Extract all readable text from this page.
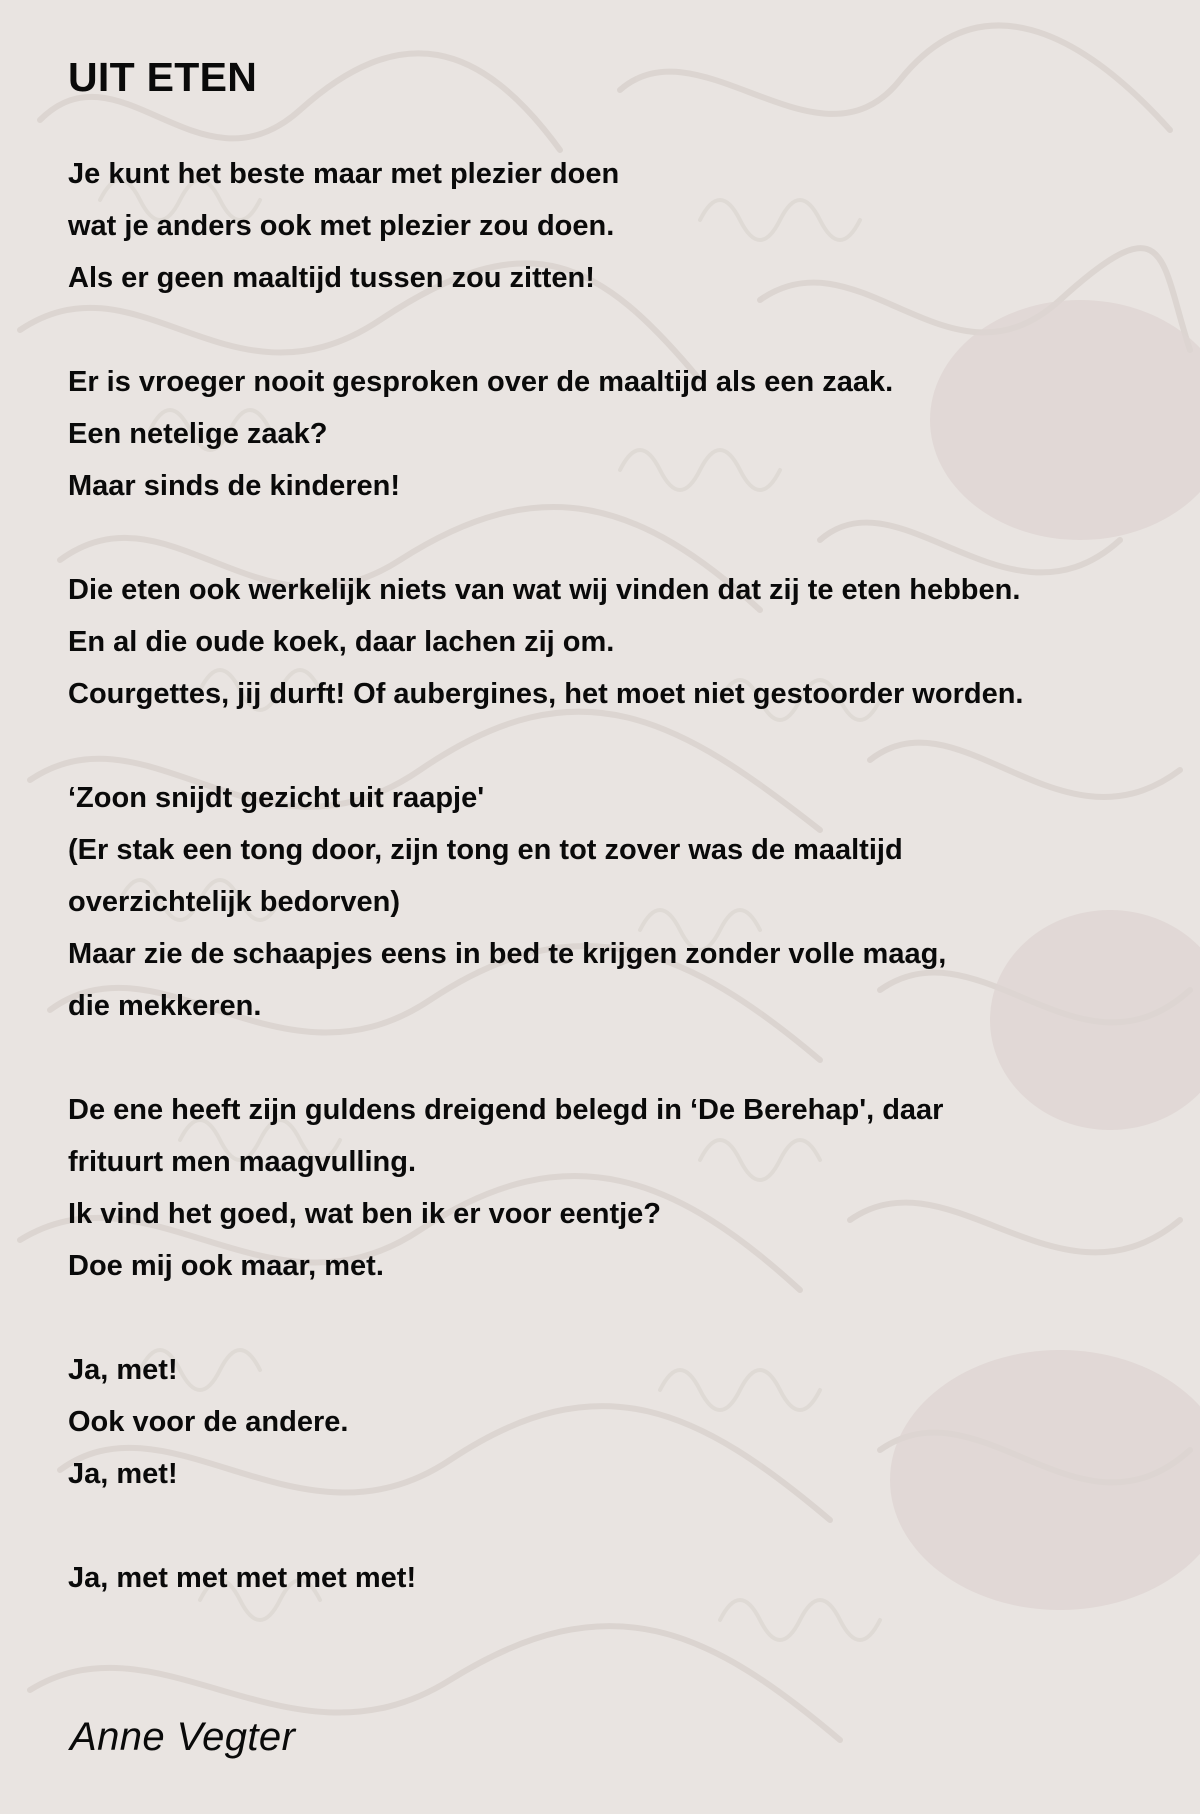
UIT ETEN
Je kunt het beste maar met plezier doen
wat je anders ook met plezier zou doen.
Als er geen maaltijd tussen zou zitten!
Er is vroeger nooit gesproken over de maaltijd als een zaak.
Een netelige zaak?
Maar sinds de kinderen!
Die eten ook werkelijk niets van wat wij vinden dat zij te eten hebben.
En al die oude koek, daar lachen zij om.
Courgettes, jij durft! Of aubergines, het moet niet gestoorder worden.
‘Zoon snijdt gezicht uit raapje'
(Er stak een tong door, zijn tong en tot zover was de maaltijd
overzichtelijk bedorven)
Maar zie de schaapjes eens in bed te krijgen zonder volle maag,
die mekkeren.
De ene heeft zijn guldens dreigend belegd in ‘De Berehap', daar
frituurt men maagvulling.
Ik vind het goed, wat ben ik er voor eentje?
Doe mij ook maar, met.
Ja, met!
Ook voor de andere.
Ja, met!
Ja, met met met met met!

Anne Vegter
